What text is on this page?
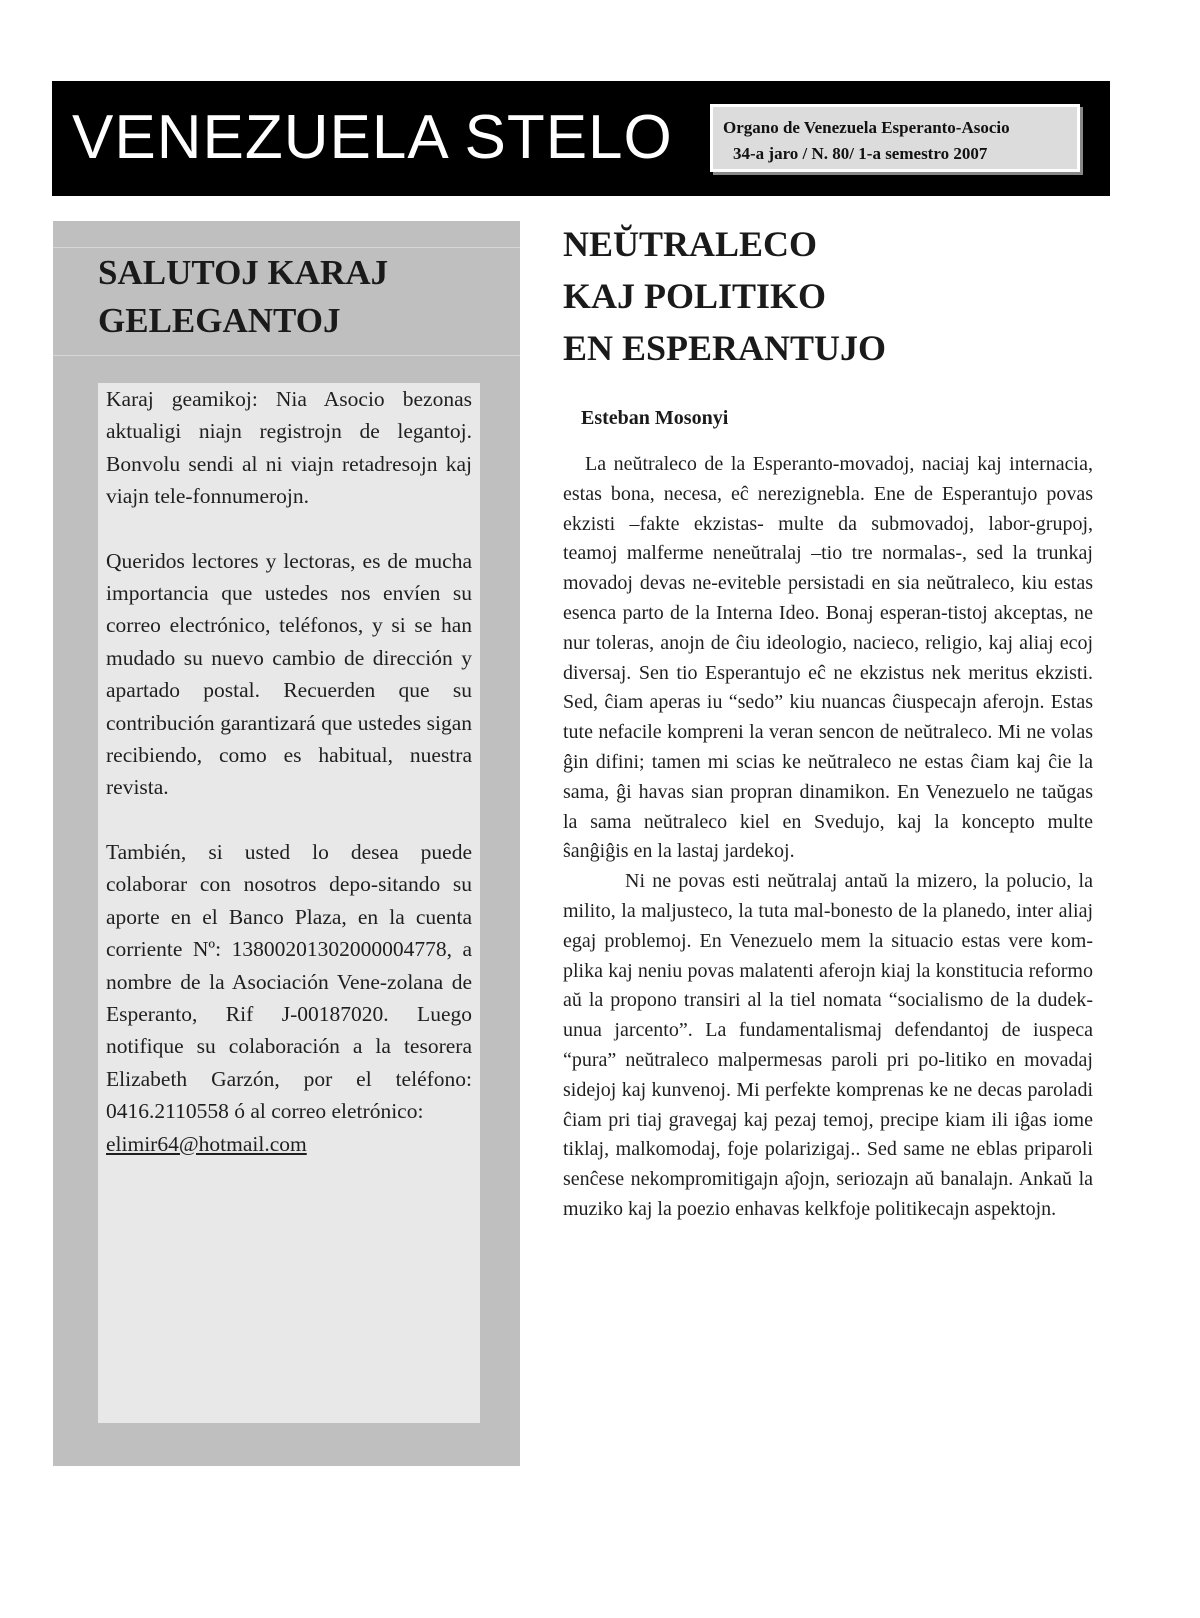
VENEZUELA STELO	Organo de Venezuela Esperanto-Asocio
34-a jaro / N. 80/ 1-a semestro 2007
SALUTOJ KARAJ
GELEGANTOJ

Karaj geamikoj: Nia Asocio bezonas aktualigi niajn registrojn de legantoj. Bonvolu sendi al ni viajn retadresojn kaj viajn tele-fonnumerojn.

Queridos lectores y lectoras, es de mucha importancia que ustedes nos envíen su correo electrónico, teléfonos, y si se han mudado su nuevo cambio de dirección y apartado postal. Recuerden que su contribución garantizará que ustedes sigan recibiendo, como es habitual, nuestra revista.

También, si usted lo desea puede colaborar con nosotros depo-sitando su aporte en el Banco Plaza, en la cuenta corriente Nº: 13800201302000004778, a nombre de la Asociación Vene-zolana de Esperanto, Rif J-00187020. Luego notifique su colaboración a la tesorera Elizabeth Garzón, por el teléfono: 0416.2110558 ó al correo eletrónico:
elimir64@hotmail.com

NEŬTRALECO
KAJ POLITIKO
EN ESPERANTUJO
Esteban Mosonyi

La neŭtraleco de la Esperanto-movadoj, naciaj kaj internacia, estas bona, necesa, eĉ nerezignebla. Ene de Esperantujo povas ekzisti –fakte ekzistas- multe da submovadoj, labor-grupoj, teamoj malferme neneŭtralaj –tio tre normalas-, sed la trunkaj movadoj devas ne-eviteble persistadi en sia neŭtraleco, kiu estas esenca parto de la Interna Ideo. Bonaj esperan-tistoj akceptas, ne nur toleras, anojn de ĉiu ideologio, nacieco, religio, kaj aliaj ecoj diversaj. Sen tio Esperantujo eĉ ne ekzistus nek meritus ekzisti. Sed, ĉiam aperas iu “sedo” kiu nuancas ĉiuspecajn aferojn. Estas tute nefacile kompreni la veran sencon de neŭtraleco. Mi ne volas ĝin difini; tamen mi scias ke neŭtraleco ne estas ĉiam kaj ĉie la sama, ĝi havas sian propran dinamikon. En Venezuelo ne taŭgas la sama neŭtraleco kiel en Svedujo, kaj la koncepto multe ŝanĝiĝis en la lastaj jardekoj.

Ni ne povas esti neŭtralaj antaŭ la mizero, la polucio, la milito, la maljusteco, la tuta mal-bonesto de la planedo, inter aliaj egaj problemoj. En Venezuelo mem la situacio estas vere kom-plika kaj neniu povas malatenti aferojn kiaj la konstitucia reformo aŭ la propono transiri al la tiel nomata “socialismo de la dudek-unua jarcento”. La fundamentalismaj defendantoj de iuspeca “pura” neŭtraleco malpermesas paroli pri po-litiko en movadaj sidejoj kaj kunvenoj. Mi perfekte komprenas ke ne decas paroladi ĉiam pri tiaj gravegaj kaj pezaj temoj, precipe kiam ili iĝas iome tiklaj, malkomodaj, foje polarizigaj.. Sed same ne eblas priparoli senĉese nekompromitigajn aĵojn, seriozajn aŭ banalajn. Ankaŭ la muziko kaj la poezio enhavas kelkfoje politikecajn aspektojn.
